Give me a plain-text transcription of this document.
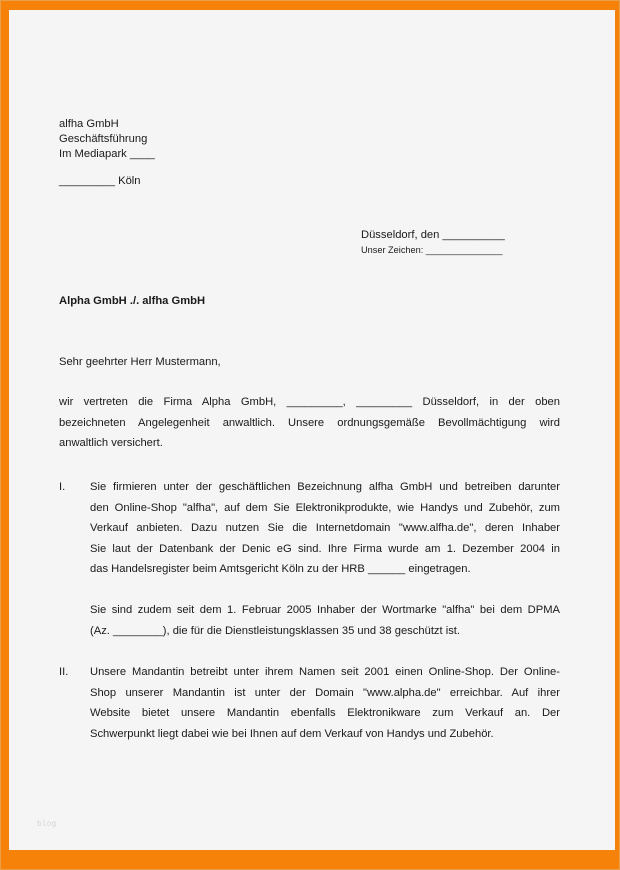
alfha GmbH
Geschäftsführung
Im Mediapark ____
_________ Köln
Düsseldorf, den __________
Unser Zeichen: _______________
Alpha GmbH ./. alfha GmbH
Sehr geehrter Herr Mustermann,
wir vertreten die Firma Alpha GmbH, _________, _________ Düsseldorf, in der oben
bezeichneten Angelegenheit anwaltlich. Unsere ordnungsgemäße Bevollmächtigung wird
anwaltlich versichert.
I. Sie firmieren unter der geschäftlichen Bezeichnung alfha GmbH und betreiben darunter
den Online-Shop "alfha", auf dem Sie Elektronikprodukte, wie Handys und Zubehör, zum
Verkauf anbieten. Dazu nutzen Sie die Internetdomain "www.alfha.de", deren Inhaber
Sie laut der Datenbank der Denic eG sind. Ihre Firma wurde am 1. Dezember 2004 in
das Handelsregister beim Amtsgericht Köln zu der HRB ______ eingetragen.
Sie sind zudem seit dem 1. Februar 2005 Inhaber der Wortmarke "alfha" bei dem DPMA
(Az. ________), die für die Dienstleistungsklassen 35 und 38 geschützt ist.
II. Unsere Mandantin betreibt unter ihrem Namen seit 2001 einen Online-Shop. Der Online-
Shop unserer Mandantin ist unter der Domain "www.alpha.de" erreichbar. Auf ihrer
Website bietet unsere Mandantin ebenfalls Elektronikware zum Verkauf an. Der
Schwerpunkt liegt dabei wie bei Ihnen auf dem Verkauf von Handys und Zubehör.
blog
